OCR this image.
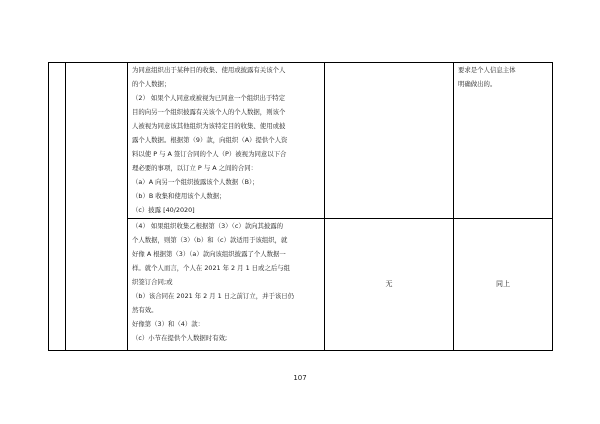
为同意组织出于某种目的收集、使用或披露有关该个人
的个人数据；
（2） 如果个人同意或被视为已同意一个组织出于特定
目的向另一个组织披露有关该个人的个人数据，则该个
人被视为同意该其他组织为该特定目的收集、使用或披
露个人数据。根据第（9）款，向组织（A）提供个人资
料以使 P 与 A 签订合同的个人（P）被视为同意以下合
理必要的事项，以订立 P 与 A 之间的合同：
（a）A 向另一个组织披露该个人数据（B）；
（b）B 收集和使用该个人数据；
（c）披露 [40/2020]
要求是个人信息主体
明确做出的。
（4） 如果组织收集乙根据第（3）（c）款向其披露的
个人数据，则第（3）（b）和（c）款适用于该组织，就
好像 A 根据第（3）（a）款向该组织披露了个人数据一
样。就个人而言，个人在 2021 年 2 月 1 日或之后与组
织签订合同;或
（b）该合同在 2021 年 2 月 1 日之前订立，并于该日仍
然有效。
好像第（3）和（4）款：
（c）小节在提供个人数据时有效;
无	同上
107
